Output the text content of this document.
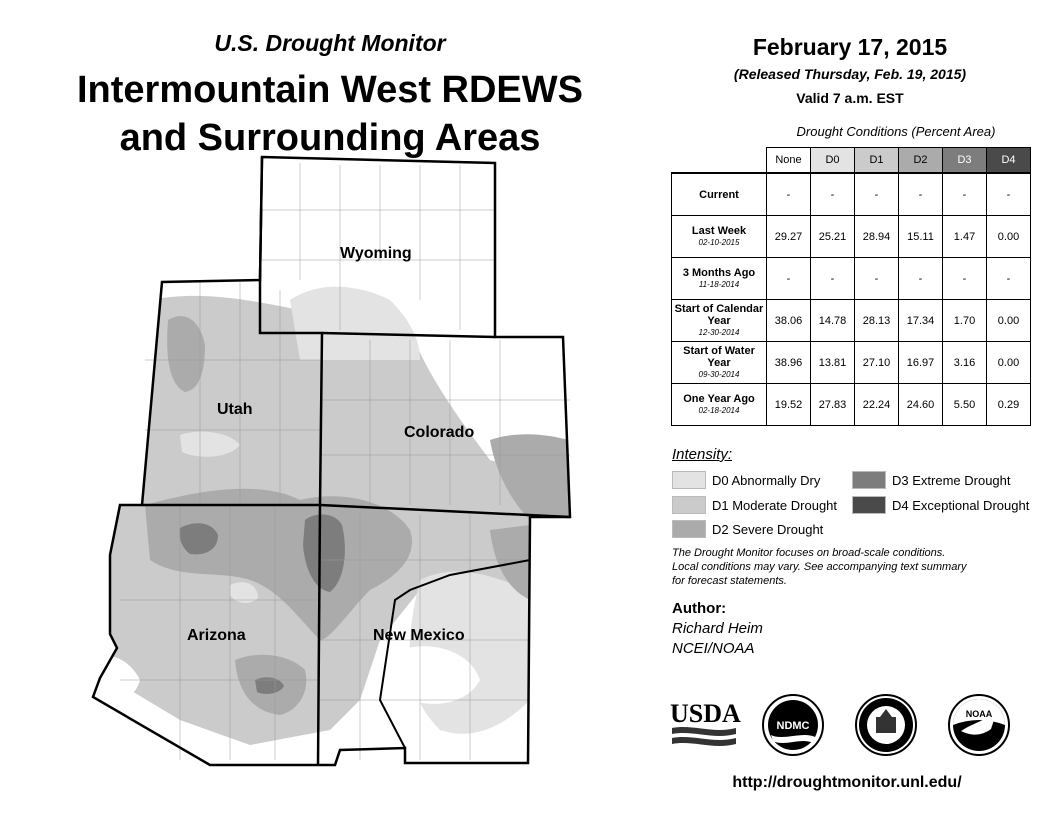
U.S. Drought Monitor
Intermountain West RDEWS
and Surrounding Areas
Wyoming
Utah
Colorado
Arizona	New Mexico
February 17, 2015
(Released Thursday, Feb. 19, 2015)
Valid 7 a.m. EST
Drought Conditions (Percent Area)
	None	D0	D1	D2	D3	D4
Current	-	-	-	-	-	-
Last Week
02-10-2015	29.27	25.21	28.94	15.11	1.47	0.00
3 Months Ago
11-18-2014	-	-	-	-	-	-
Start of Calendar Year
12-30-2014	38.06	14.78	28.13	17.34	1.70	0.00
Start of Water Year
09-30-2014	38.96	13.81	27.10	16.97	3.16	0.00
One Year Ago
02-18-2014	19.52	27.83	22.24	24.60	5.50	0.29
Intensity:
D0 Abnormally Dry
D1 Moderate Drought
D2 Severe Drought
D3 Extreme Drought
D4 Exceptional Drought
The Drought Monitor focuses on broad-scale conditions.
Local conditions may vary. See accompanying text summary
for forecast statements.
Author:
Richard Heim
NCEI/NOAA
USDA	NDMC
NOAA
http://droughtmonitor.unl.edu/
